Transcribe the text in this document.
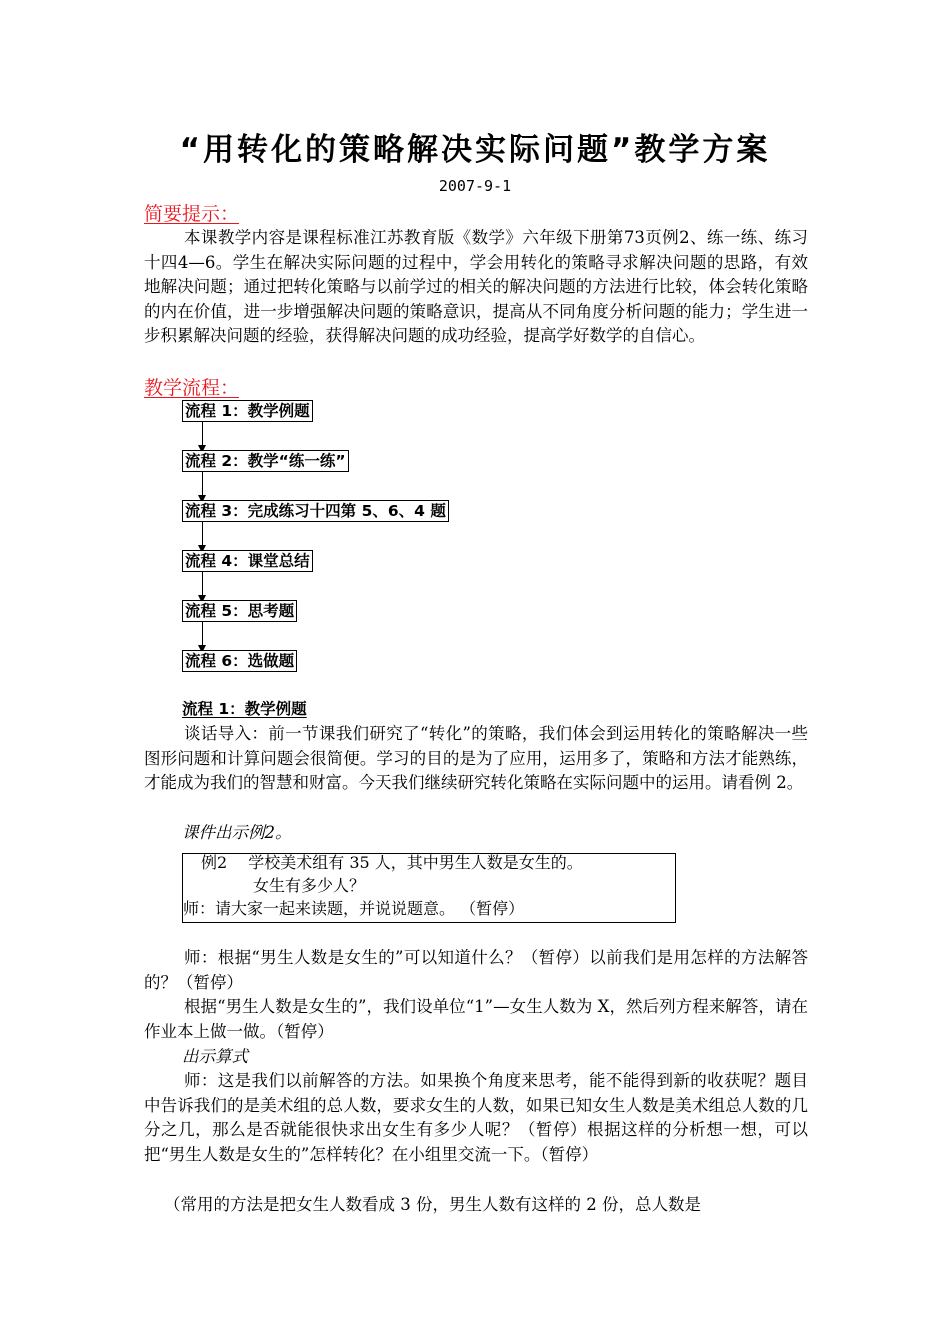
“用转化的策略解决实际问题”教学方案
2007-9-1
简要提示：
本课教学内容是课程标准江苏教育版《数学》六年级下册第73页例2、练一练、练习十四4—6。学生在解决实际问题的过程中，学会用转化的策略寻求解决问题的思路，有效地解决问题；通过把转化策略与以前学过的相关的解决问题的方法进行比较，体会转化策略的内在价值，进一步增强解决问题的策略意识，提高从不同角度分析问题的能力；学生进一步积累解决问题的经验，获得解决问题的成功经验，提高学好数学的自信心。
教学流程：
流程 1：教学例题
流程 2：教学“练一练”
流程 3：完成练习十四第 5、6、4 题
流程 4：课堂总结
流程 5：思考题
流程 6：选做题
流程 1：教学例题
谈话导入：前一节课我们研究了“转化”的策略，我们体会到运用转化的策略解决一些图形问题和计算问题会很简便。学习的目的是为了应用，运用多了，策略和方法才能熟练，才能成为我们的智慧和财富。今天我们继续研究转化策略在实际问题中的运用。请看例 2。
课件出示例2。
例2　 学校美术组有 35 人，其中男生人数是女生的。
女生有多少人？
师：请大家一起来读题，并说说题意。 （暂停）
师：根据“男生人数是女生的”可以知道什么？（暂停）以前我们是用怎样的方法解答的？（暂停）
根据“男生人数是女生的”，我们设单位“1”—女生人数为 X，然后列方程来解答，请在作业本上做一做。（暂停）
出示算式
师：这是我们以前解答的方法。如果换个角度来思考，能不能得到新的收获呢？题目中告诉我们的是美术组的总人数，要求女生的人数，如果已知女生人数是美术组总人数的几分之几，那么是否就能很快求出女生有多少人呢？（暂停）根据这样的分析想一想，可以把“男生人数是女生的”怎样转化？在小组里交流一下。（暂停）
（常用的方法是把女生人数看成 3 份，男生人数有这样的 2 份，总人数是
